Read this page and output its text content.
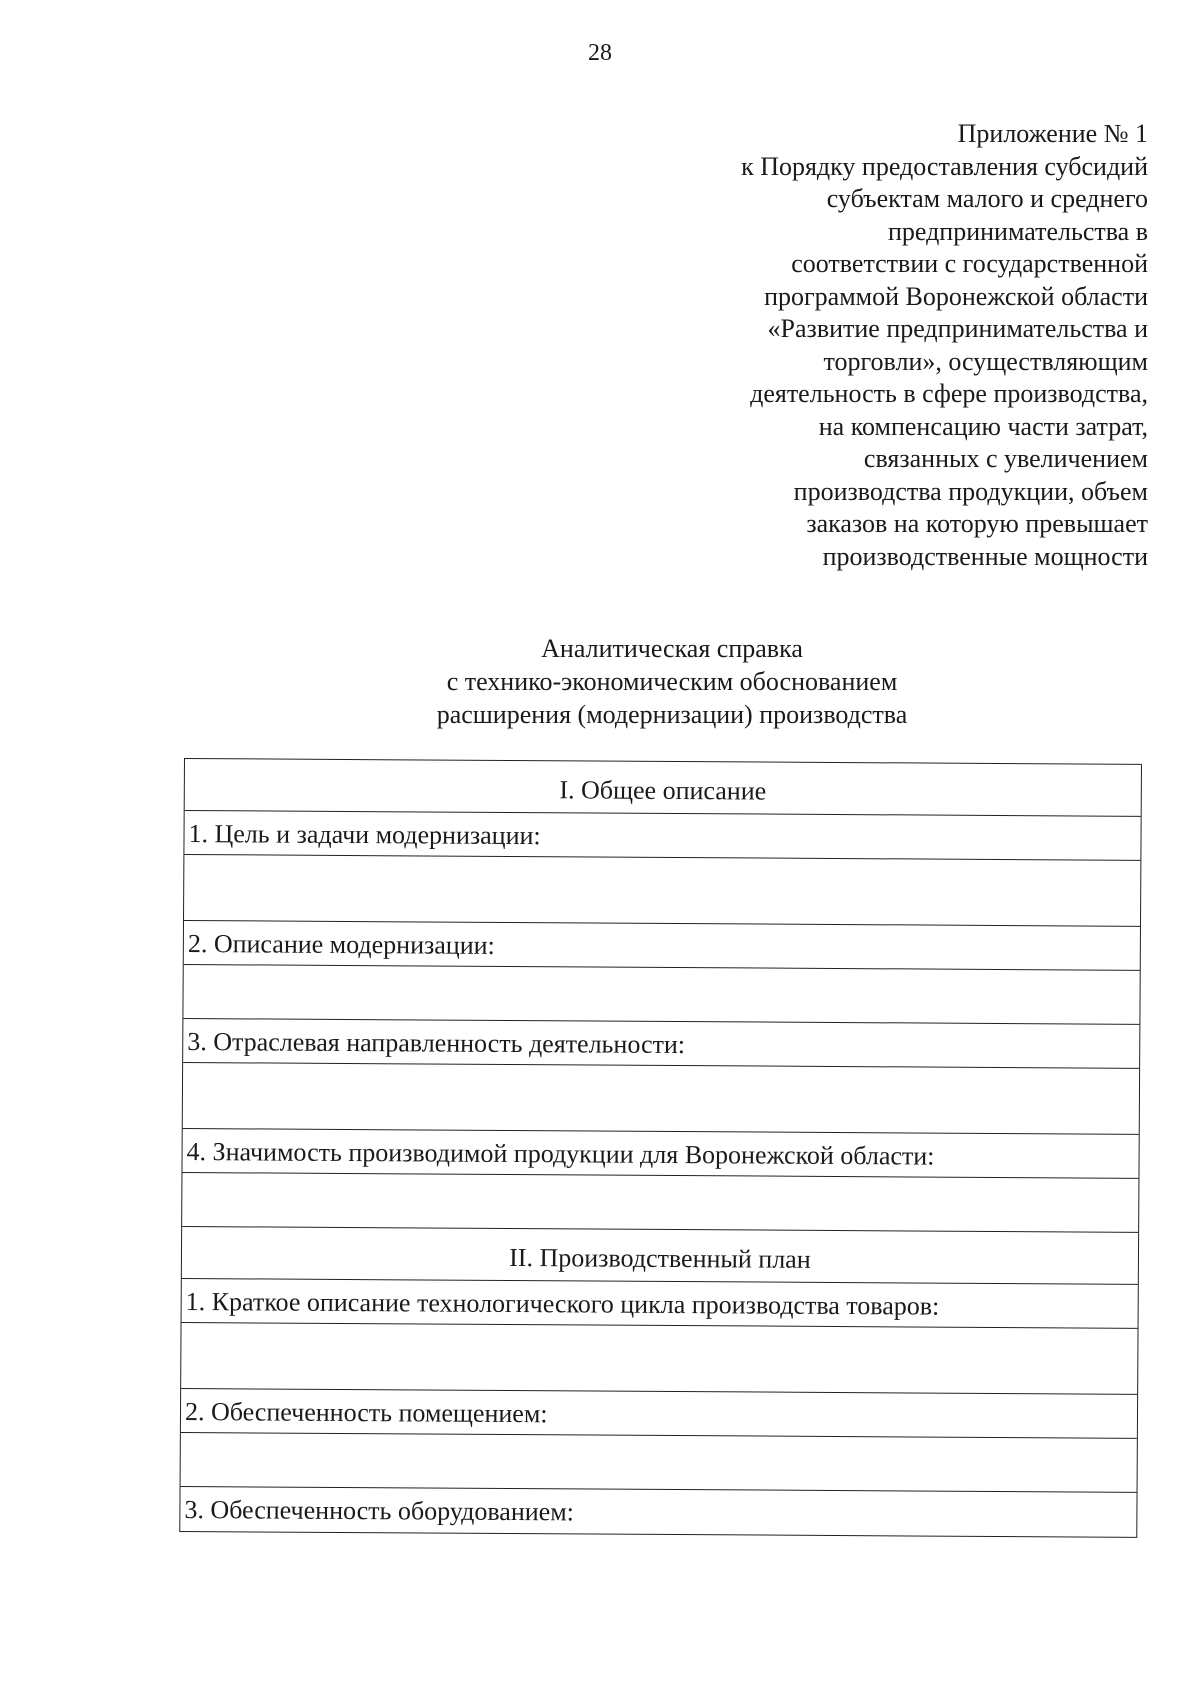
28
Приложение № 1
к Порядку предоставления субсидий
субъектам малого и среднего
предпринимательства в
соответствии с государственной
программой Воронежской области
«Развитие предпринимательства и
торговли», осуществляющим
деятельность в сфере производства,
на компенсацию части затрат,
связанных с увеличением
производства продукции, объем
заказов на которую превышает
производственные мощности
Аналитическая справка
с технико-экономическим обоснованием
расширения (модернизации) производства
I. Общее описание
1. Цель и задачи модернизации:
2. Описание модернизации:
3. Отраслевая направленность деятельности:
4. Значимость производимой продукции для Воронежской области:
II. Производственный план
1. Краткое описание технологического цикла производства товаров:
2. Обеспеченность помещением:
3. Обеспеченность оборудованием:
